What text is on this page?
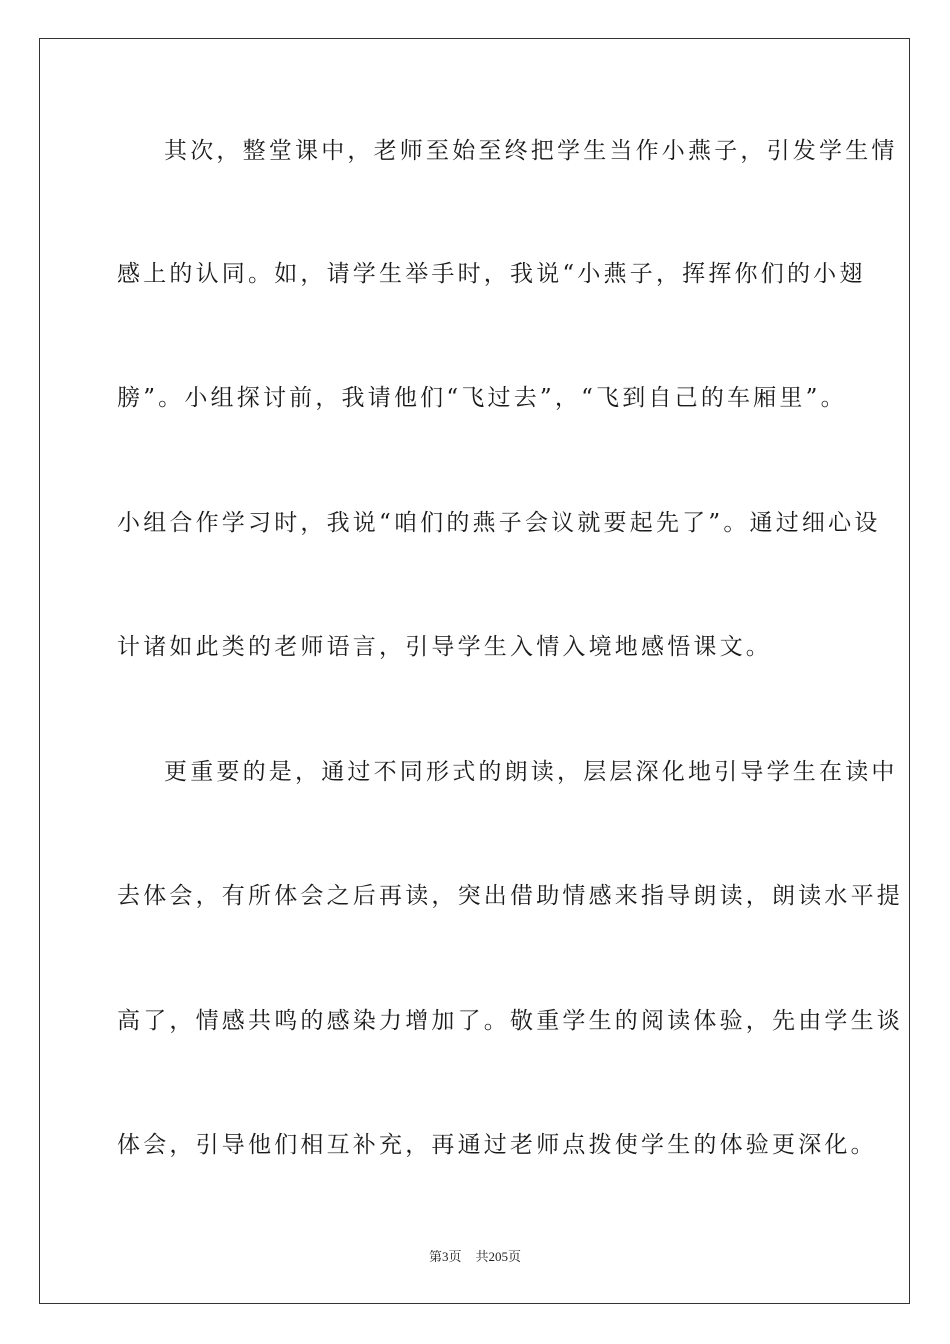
其次，整堂课中，老师至始至终把学生当作小燕子，引发学生情
感上的认同。如，请学生举手时，我说“小燕子，挥挥你们的小翅
膀”。小组探讨前，我请他们“飞过去”，“飞到自己的车厢里”。
小组合作学习时，我说“咱们的燕子会议就要起先了”。通过细心设
计诸如此类的老师语言，引导学生入情入境地感悟课文。
更重要的是，通过不同形式的朗读，层层深化地引导学生在读中
去体会，有所体会之后再读，突出借助情感来指导朗读，朗读水平提
高了，情感共鸣的感染力增加了。敬重学生的阅读体验，先由学生谈
体会，引导他们相互补充，再通过老师点拨使学生的体验更深化。
第3页 共205页
